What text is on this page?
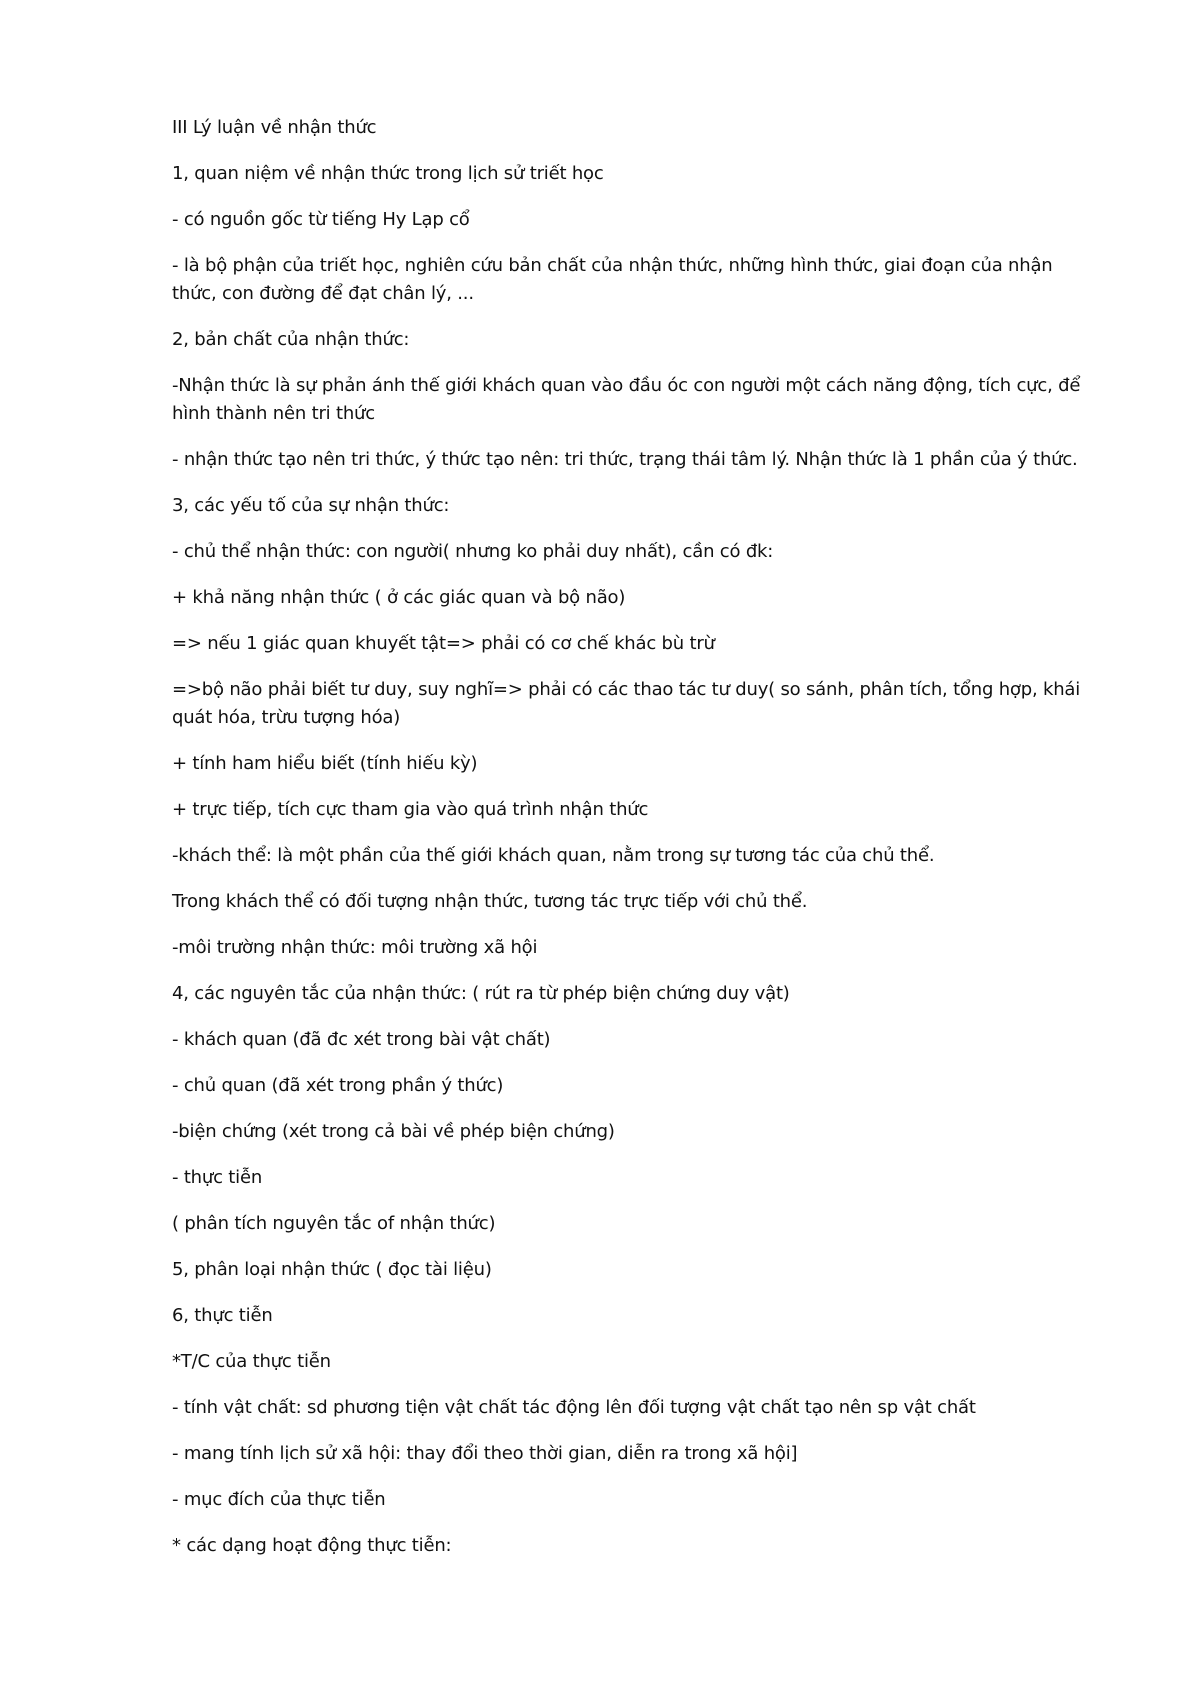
III Lý luận về nhận thức

1, quan niệm về nhận thức trong lịch sử triết học

- có nguồn gốc từ tiếng Hy Lạp cổ

- là bộ phận của triết học, nghiên cứu bản chất của nhận thức, những hình thức, giai đoạn của nhận thức, con đường để đạt chân lý, ...

2, bản chất của nhận thức:

-Nhận thức là sự phản ánh thế giới khách quan vào đầu óc con người một cách năng động, tích cực, để hình thành nên tri thức

- nhận thức tạo nên tri thức, ý thức tạo nên: tri thức, trạng thái tâm lý. Nhận thức là 1 phần của ý thức.

3, các yếu tố của sự nhận thức:

- chủ thể nhận thức: con người( nhưng ko phải duy nhất), cần có đk:

+ khả năng nhận thức ( ở các giác quan và bộ não)

=> nếu 1 giác quan khuyết tật=> phải có cơ chế khác bù trừ

=>bộ não phải biết tư duy, suy nghĩ=> phải có các thao tác tư duy( so sánh, phân tích, tổng hợp, khái quát hóa, trừu tượng hóa)

+ tính ham hiểu biết (tính hiếu kỳ)

+ trực tiếp, tích cực tham gia vào quá trình nhận thức

-khách thể: là một phần của thế giới khách quan, nằm trong sự tương tác của chủ thể.

Trong khách thể có đối tượng nhận thức, tương tác trực tiếp với chủ thể.

-môi trường nhận thức: môi trường xã hội

4, các nguyên tắc của nhận thức: ( rút ra từ phép biện chứng duy vật)

- khách quan (đã đc xét trong bài vật chất)

- chủ quan (đã xét trong phần ý thức)

-biện chứng (xét trong cả bài về phép biện chứng)

- thực tiễn

( phân tích nguyên tắc of nhận thức)

5, phân loại nhận thức ( đọc tài liệu)

6, thực tiễn

*T/C của thực tiễn

- tính vật chất: sd phương tiện vật chất tác động lên đối tượng vật chất tạo nên sp vật chất

- mang tính lịch sử xã hội: thay đổi theo thời gian, diễn ra trong xã hội]

- mục đích của thực tiễn

* các dạng hoạt động thực tiễn:
